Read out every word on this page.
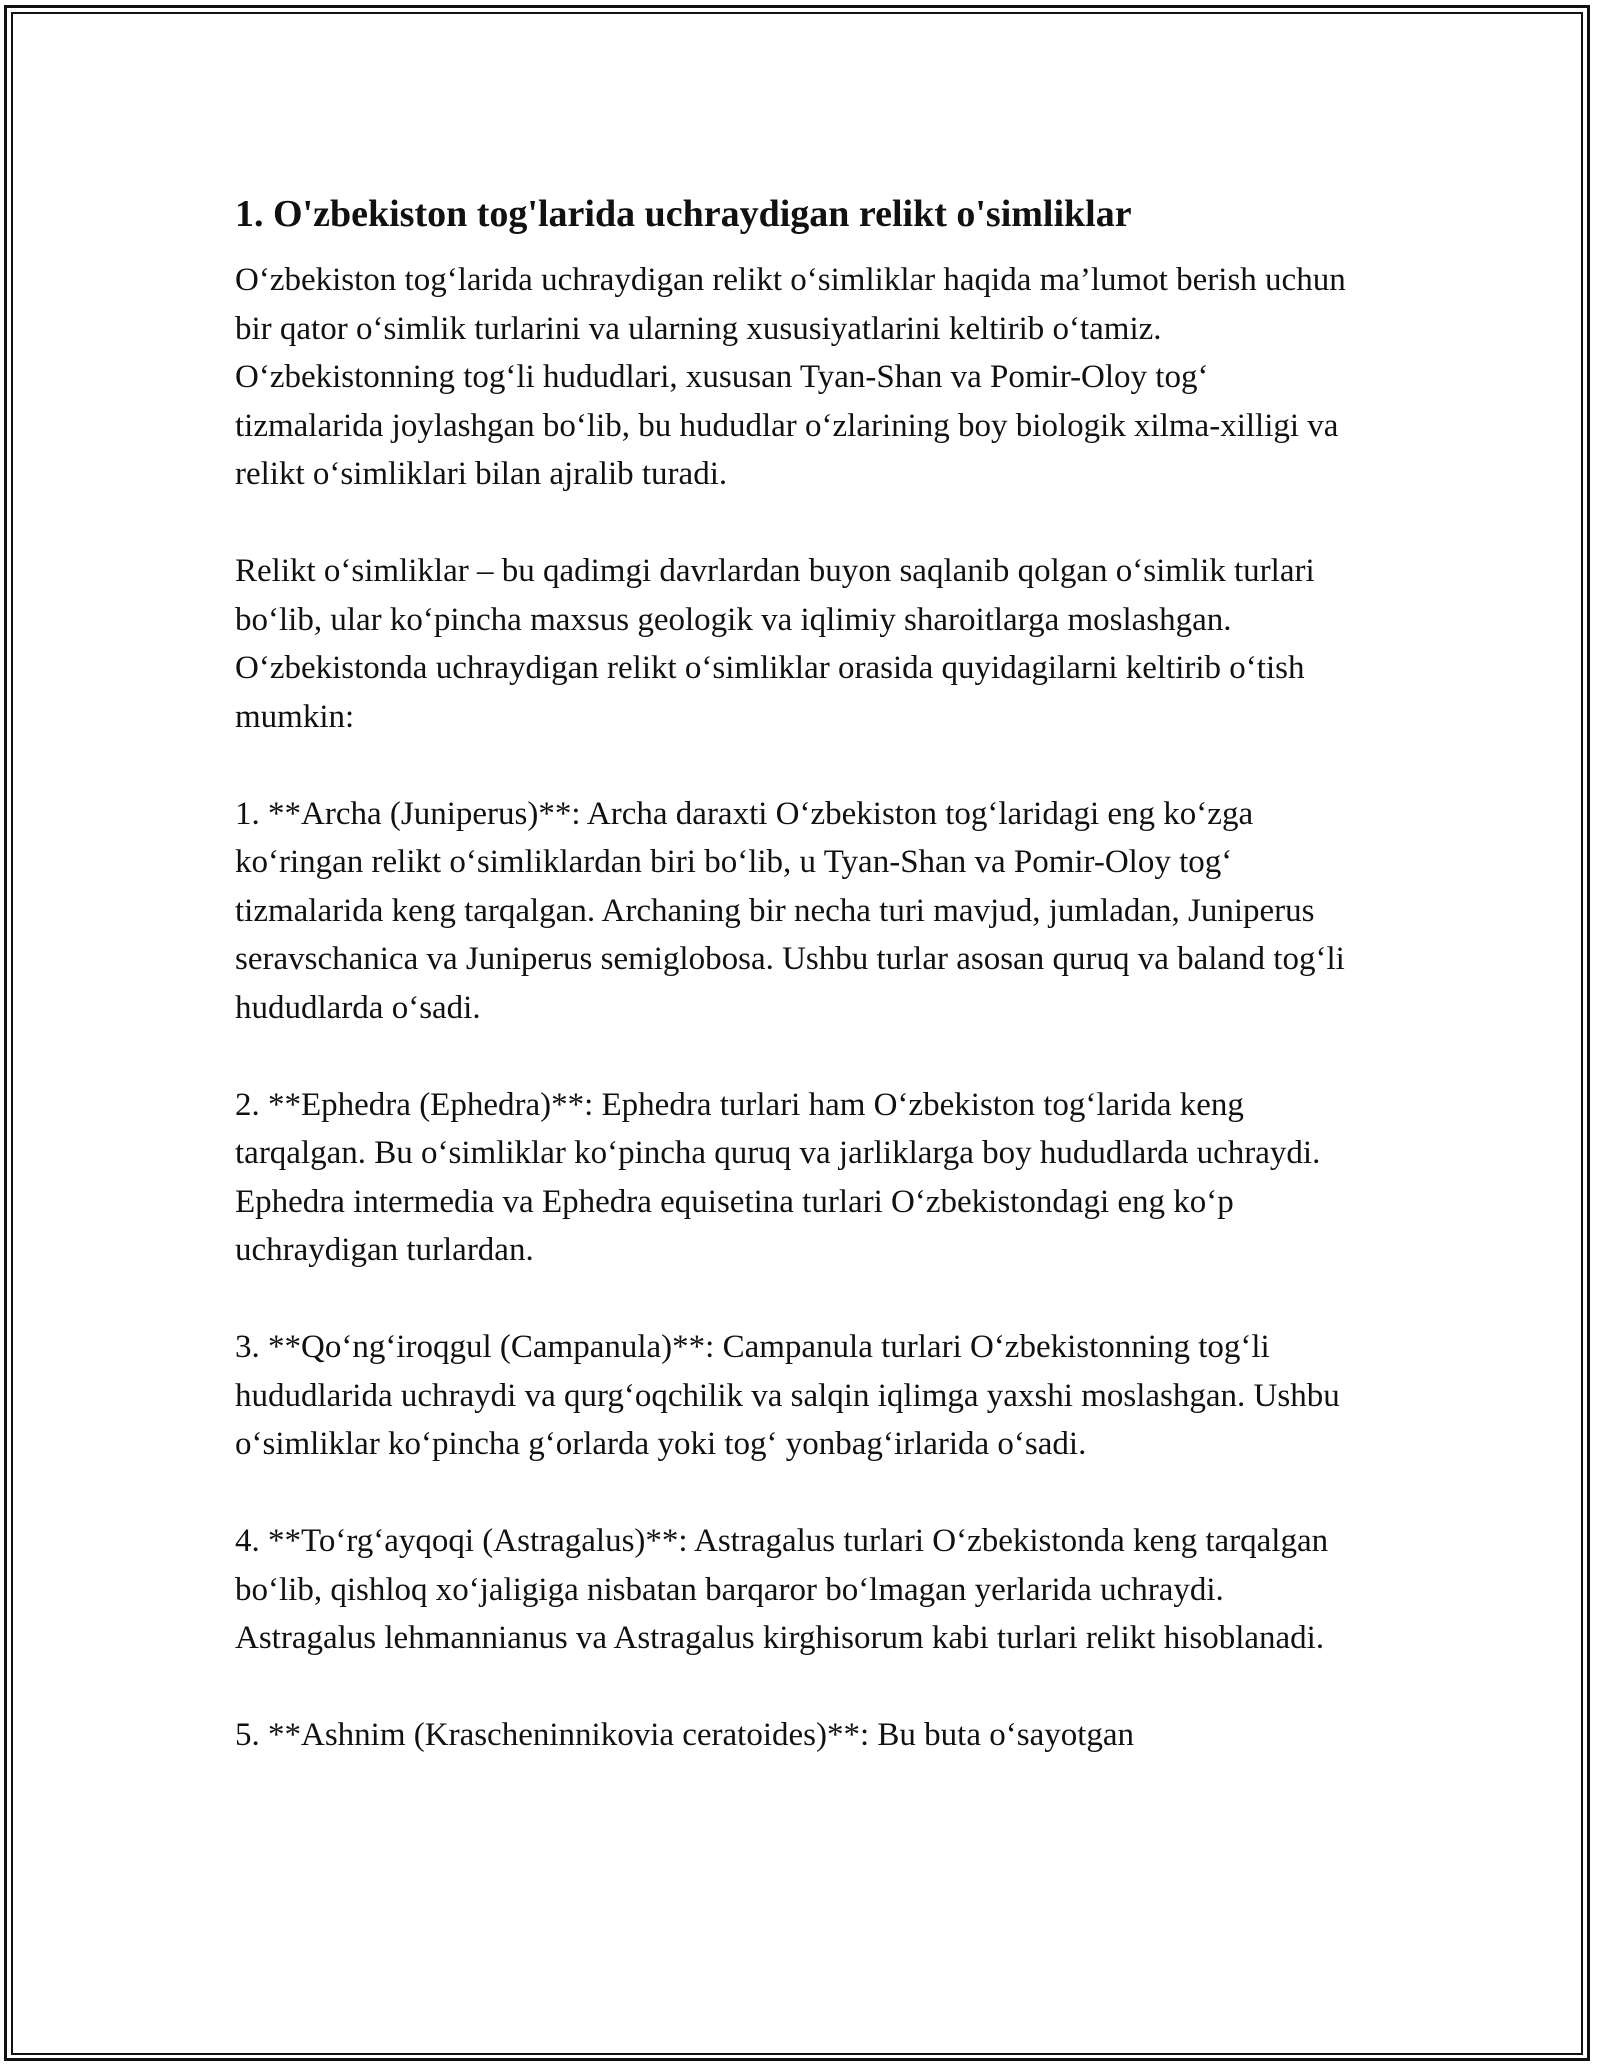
1. O'zbekiston tog'larida uchraydigan relikt o'simliklar

O‘zbekiston tog‘larida uchraydigan relikt o‘simliklar haqida ma’lumot berish uchun bir qator o‘simlik turlarini va ularning xususiyatlarini keltirib o‘tamiz. O‘zbekistonning tog‘li hududlari, xususan Tyan-Shan va Pomir-Oloy tog‘ tizmalarida joylashgan bo‘lib, bu hududlar o‘zlarining boy biologik xilma-xilligi va relikt o‘simliklari bilan ajralib turadi.

Relikt o‘simliklar – bu qadimgi davrlardan buyon saqlanib qolgan o‘simlik turlari bo‘lib, ular ko‘pincha maxsus geologik va iqlimiy sharoitlarga moslashgan. O‘zbekistonda uchraydigan relikt o‘simliklar orasida quyidagilarni keltirib o‘tish mumkin:

1. **Archa (Juniperus)**: Archa daraxti O‘zbekiston tog‘laridagi eng ko‘zga ko‘ringan relikt o‘simliklardan biri bo‘lib, u Tyan-Shan va Pomir-Oloy tog‘ tizmalarida keng tarqalgan. Archaning bir necha turi mavjud, jumladan, Juniperus seravschanica va Juniperus semiglobosa. Ushbu turlar asosan quruq va baland tog‘li hududlarda o‘sadi.

2. **Ephedra (Ephedra)**: Ephedra turlari ham O‘zbekiston tog‘larida keng tarqalgan. Bu o‘simliklar ko‘pincha quruq va jarliklarga boy hududlarda uchraydi. Ephedra intermedia va Ephedra equisetina turlari O‘zbekistondagi eng ko‘p uchraydigan turlardan.

3. **Qo‘ng‘iroqgul (Campanula)**: Campanula turlari O‘zbekistonning tog‘li hududlarida uchraydi va qurg‘oqchilik va salqin iqlimga yaxshi moslashgan. Ushbu o‘simliklar ko‘pincha g‘orlarda yoki tog‘ yonbag‘irlarida o‘sadi.

4. **To‘rg‘ayqoqi (Astragalus)**: Astragalus turlari O‘zbekistonda keng tarqalgan bo‘lib, qishloq xo‘jaligiga nisbatan barqaror bo‘lmagan yerlarida uchraydi. Astragalus lehmannianus va Astragalus kirghisorum kabi turlari relikt hisoblanadi.

5. **Ashnim (Krascheninnikovia ceratoides)**: Bu buta o‘sayotgan
